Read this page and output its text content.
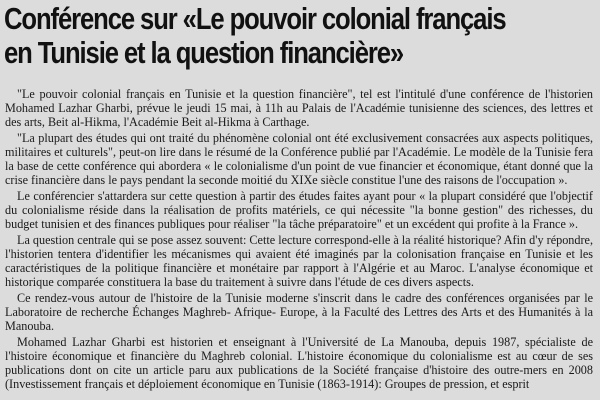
Conférence sur «Le pouvoir colonial français
en Tunisie et la question financière»

"Le pouvoir colonial français en Tunisie et la question financière", tel est l'intitulé d'une conférence de l'historien Mohamed Lazhar Gharbi, prévue le jeudi 15 mai, à 11h au Palais de l'Académie tunisienne des sciences, des lettres et des arts, Beit al-Hikma, l'Académie Beit al-Hikma à Carthage.

"La plupart des études qui ont traité du phénomène colonial ont été exclusivement consacrées aux aspects politiques, militaires et culturels", peut-on lire dans le résumé de la Conférence publié par l'Académie. Le modèle de la Tunisie fera la base de cette conférence qui abordera « le colonialisme d'un point de vue financier et économique, étant donné que la crise financière dans le pays pendant la seconde moitié du XIXe siècle constitue l'une des raisons de l'occupation ».

Le conférencier s'attardera sur cette question à partir des études faites ayant pour « la plupart considéré que l'objectif du colonialisme réside dans la réalisation de profits matériels, ce qui nécessite "la bonne gestion" des richesses, du budget tunisien et des finances publiques pour réaliser "la tâche préparatoire" et un excédent qui profite à la France ».

La question centrale qui se pose assez souvent: Cette lecture correspond-elle à la réalité historique? Afin d'y répondre, l'historien tentera d'identifier les mécanismes qui avaient été imaginés par la colonisation française en Tunisie et les caractéristiques de la politique financière et monétaire par rapport à l'Algérie et au Maroc. L'analyse économique et historique comparée constituera la base du traitement à suivre dans l'étude de ces divers aspects.

Ce rendez-vous autour de l'histoire de la Tunisie moderne s'inscrit dans le cadre des conférences organisées par le Laboratoire de recherche Échanges Maghreb- Afrique- Europe, à la Faculté des Lettres des Arts et des Humanités à la Manouba.

Mohamed Lazhar Gharbi est historien et enseignant à l'Université de La Manouba, depuis 1987, spécialiste de l'histoire économique et financière du Maghreb colonial. L'histoire économique du colonialisme est au cœur de ses publications dont on cite un article paru aux publications de la Société française d'histoire des outre-mers en 2008 (Investissement français et déploiement économique en Tunisie (1863-1914): Groupes de pression, et esprit
